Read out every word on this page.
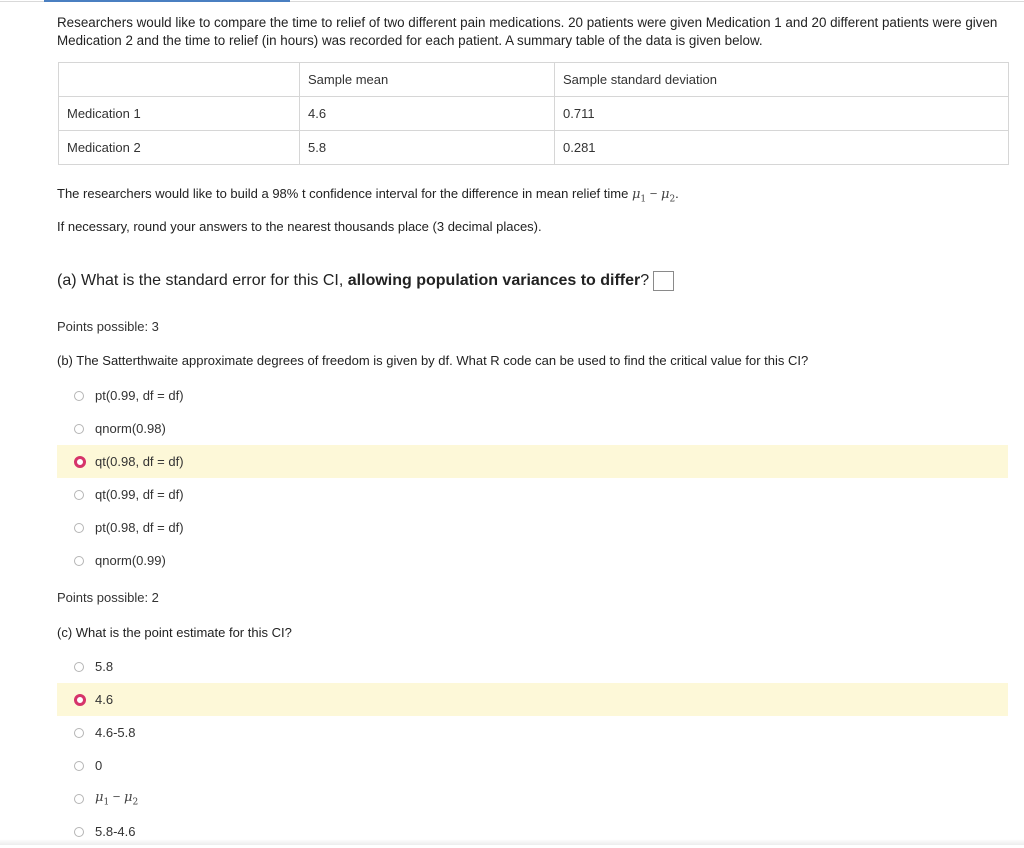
Researchers would like to compare the time to relief of two different pain medications. 20 patients were given Medication 1 and 20 different patients were given Medication 2 and the time to relief (in hours) was recorded for each patient. A summary table of the data is given below.

	Sample mean	Sample standard deviation
Medication 1	4.6	0.711
Medication 2	5.8	0.281

The researchers would like to build a 98% t confidence interval for the difference in mean relief time $\mu_1 - \mu_2$.

If necessary, round your answers to the nearest thousands place (3 decimal places).

(a) What is the standard error for this CI,
allowing population variances to differ ?
Points possible: 3
(b) The Satterthwaite approximate degrees of freedom is given by df. What R code can be used to find the critical value for this CI?
pt(0.99, df = df)
qnorm(0.98)
qt(0.98, df = df)
qt(0.99, df = df)
pt(0.98, df = df)
qnorm(0.99)
Points possible: 2
(c) What is the point estimate for this CI?
5.8
4.6
4.6-5.8
0
$\mu_1 - \mu_2$
5.8-4.6
